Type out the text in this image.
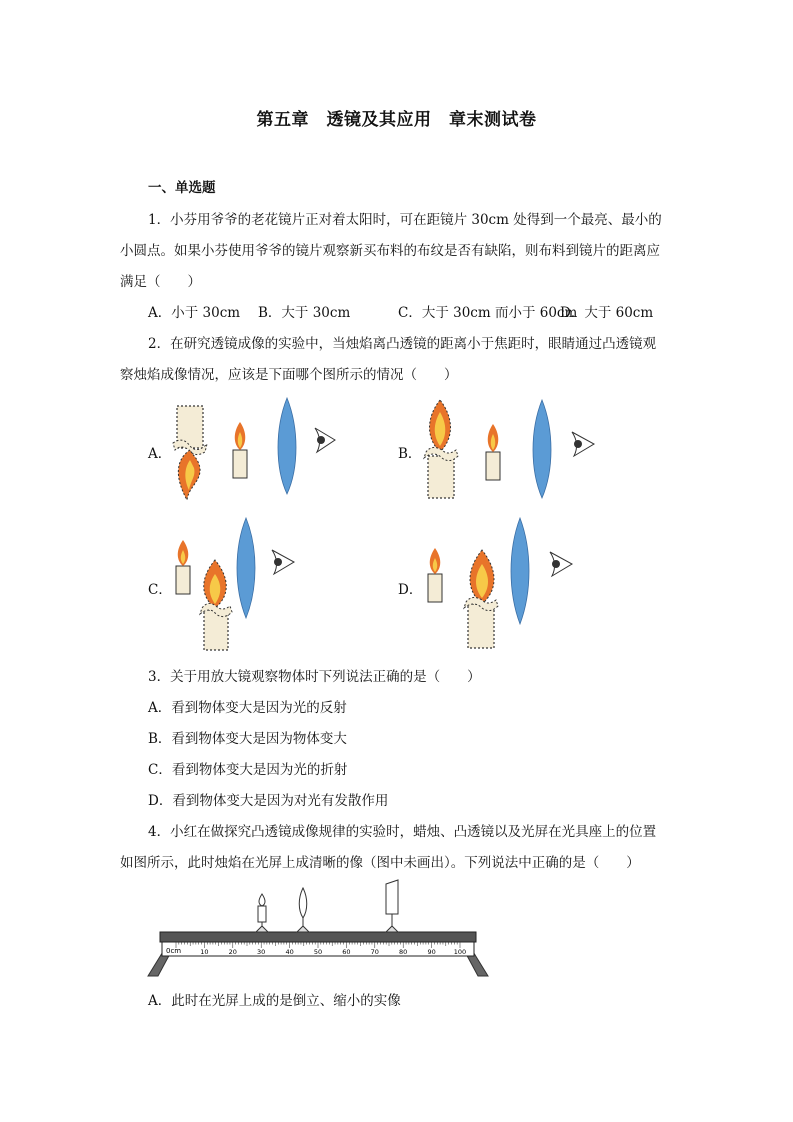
第五章　透镜及其应用　章末测试卷
一、单选题
1．小芬用爷爷的老花镜片正对着太阳时，可在距镜片 30cm 处得到一个最亮、最小的
小圆点。如果小芬使用爷爷的镜片观察新买布料的布纹是否有缺陷，则布料到镜片的距离应
满足（　　）
A．小于 30cm B．大于 30cm	C．大于 30cm 而小于 60cm
D．大于 60cm
2．在研究透镜成像的实验中，当烛焰离凸透镜的距离小于焦距时，眼睛通过凸透镜观
察烛焰成像情况，应该是下面哪个图所示的情况（　　）
A．	B．
C．	D．
3．关于用放大镜观察物体时下列说法正确的是（　　）
A．看到物体变大是因为光的反射
B．看到物体变大是因为物体变大
C．看到物体变大是因为光的折射
D．看到物体变大是因为对光有发散作用
4．小红在做探究凸透镜成像规律的实验时，蜡烛、凸透镜以及光屏在光具座上的位置
如图所示，此时烛焰在光屏上成清晰的像（图中未画出）。下列说法中正确的是（　　）
0cm	10	20	30	40	50	60	70	80	90	100
A．此时在光屏上成的是倒立、缩小的实像
